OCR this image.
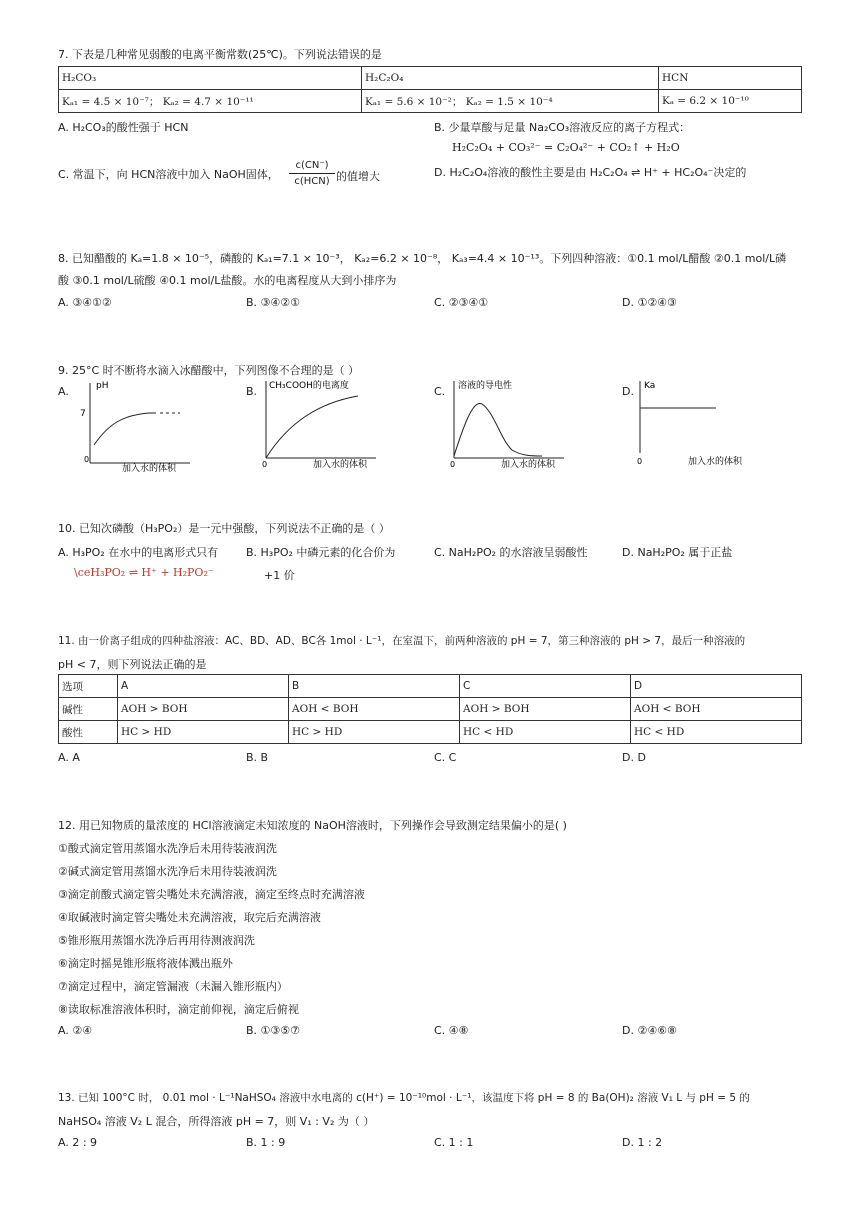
7. 下表是几种常见弱酸的电离平衡常数(25℃)。下列说法错误的是
H₂CO₃	H₂C₂O₄	HCN
Kₐ₁ = 4.5 × 10⁻⁷； Kₐ₂ = 4.7 × 10⁻¹¹	Kₐ₁ = 5.6 × 10⁻²； Kₐ₂ = 1.5 × 10⁻⁴	Kₐ = 6.2 × 10⁻¹⁰
A. H₂CO₃的酸性强于 HCN	B. 少量草酸与足量 Na₂CO₃溶液反应的离子方程式：
H₂C₂O₄ + CO₃²⁻ = C₂O₄²⁻ + CO₂↑ + H₂O
C. 常温下，向 HCN溶液中加入 NaOH固体，
c(CN⁻)
c(HCN) 的值增大	D. H₂C₂O₄溶液的酸性主要是由 H₂C₂O₄ ⇌ H⁺ + HC₂O₄⁻决定的
8. 已知醋酸的 Kₐ=1.8 × 10⁻⁵，磷酸的 Kₐ₁=7.1 × 10⁻³， Kₐ₂=6.2 × 10⁻⁸， Kₐ₃=4.4 × 10⁻¹³。下列四种溶液：①0.1 mol/L醋酸 ②0.1 mol/L磷
酸 ③0.1 mol/L硫酸 ④0.1 mol/L盐酸。水的电离程度从大到小排序为
A. ③④①②	B. ③④②①	C. ②③④①	D. ①②④③
9. 25°C 时不断将水滴入冰醋酸中，下列图像不合理的是（ ）
A.	B.	C.	D.
pH
7
0
加入水的体积
CH₃COOH的电离度
0	加入水的体积
溶液的导电性
0	加入水的体积
Ka
0	加入水的体积
10. 已知次磷酸（H₃PO₂）是一元中强酸，下列说法不正确的是（ ）
A. H₃PO₂ 在水中的电离形式只有
\ceH₃PO₂ ⇌ H⁺ + H₂PO₂⁻
B. H₃PO₂ 中磷元素的化合价为
+1 价
C. NaH₂PO₂ 的水溶液呈弱酸性	D. NaH₂PO₂ 属于正盐
11. 由一价离子组成的四种盐溶液：AC、BD、AD、BC各 1mol · L⁻¹，在室温下，前两种溶液的 pH = 7，第三种溶液的 pH > 7，最后一种溶液的
pH < 7，则下列说法正确的是
选项	A	B	C	D
碱性	AOH > BOH	AOH < BOH	AOH > BOH	AOH < BOH
酸性	HC > HD	HC > HD	HC < HD	HC < HD
A. A	B. B	C. C	D. D
12. 用已知物质的量浓度的 HCl溶液滴定未知浓度的 NaOH溶液时，下列操作会导致测定结果偏小的是( )
①酸式滴定管用蒸馏水洗净后未用待装液润洗
②碱式滴定管用蒸馏水洗净后未用待装液润洗
③滴定前酸式滴定管尖嘴处未充满溶液，滴定至终点时充满溶液
④取碱液时滴定管尖嘴处未充满溶液，取完后充满溶液
⑤锥形瓶用蒸馏水洗净后再用待测液润洗
⑥滴定时摇晃锥形瓶将液体溅出瓶外
⑦滴定过程中，滴定管漏液（未漏入锥形瓶内）
⑧读取标准溶液体积时，滴定前仰视，滴定后俯视
A. ②④	B. ①③⑤⑦	C. ④⑧	D. ②④⑥⑧
13. 已知 100°C 时， 0.01 mol · L⁻¹NaHSO₄ 溶液中水电离的 c(H⁺) = 10⁻¹⁰mol · L⁻¹，该温度下将 pH = 8 的 Ba(OH)₂ 溶液 V₁ L 与 pH = 5 的
NaHSO₄ 溶液 V₂ L 混合，所得溶液 pH = 7，则 V₁ : V₂ 为（ ）
A. 2 : 9	B. 1 : 9	C. 1 : 1	D. 1 : 2
